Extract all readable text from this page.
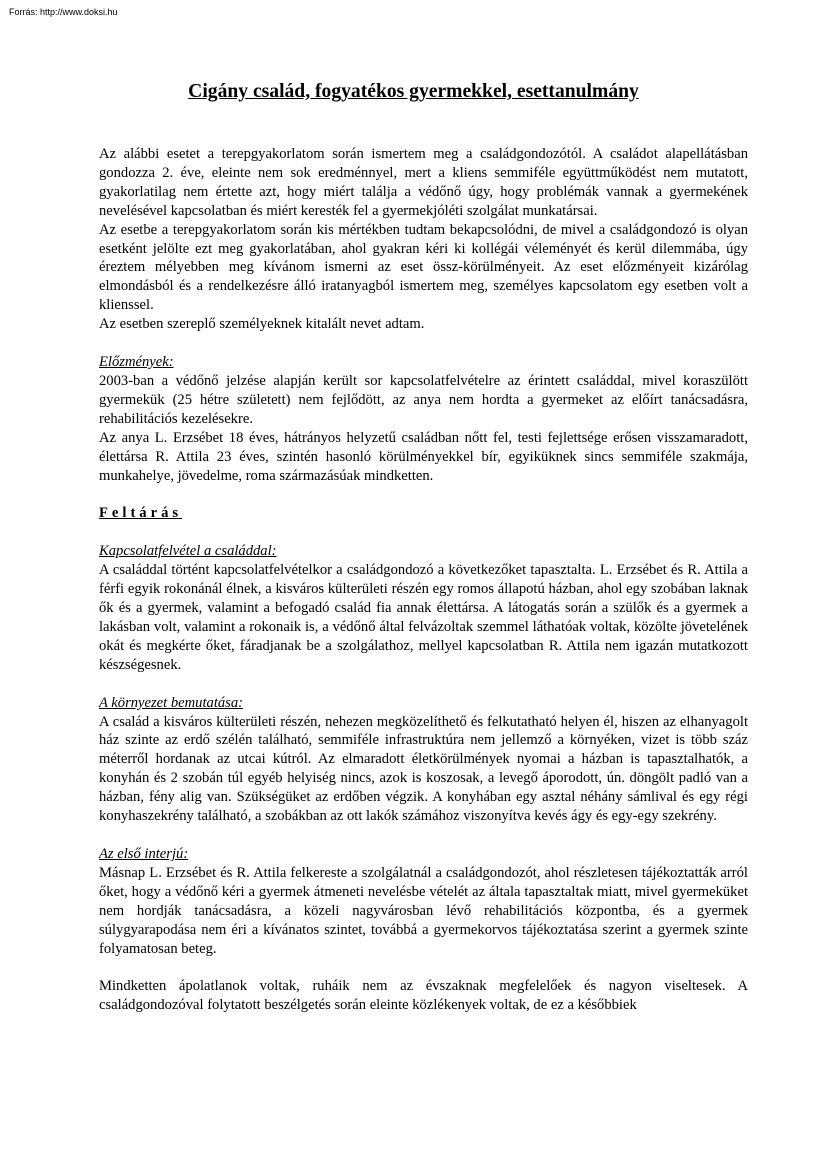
Forrás: http://www.doksi.hu
Cigány család, fogyatékos gyermekkel, esettanulmány

Az alábbi esetet a terepgyakorlatom során ismertem meg a családgondozótól. A családot alapellátásban gondozza 2. éve, eleinte nem sok eredménnyel, mert a kliens semmiféle együttműködést nem mutatott, gyakorlatilag nem értette azt, hogy miért találja a védőnő úgy, hogy problémák vannak a gyermekének nevelésével kapcsolatban és miért keresték fel a gyermekjóléti szolgálat munkatársai.

Az esetbe a terepgyakorlatom során kis mértékben tudtam bekapcsolódni, de mivel a családgondozó is olyan esetként jelölte ezt meg gyakorlatában, ahol gyakran kéri ki kollégái véleményét és kerül dilemmába, úgy éreztem mélyebben meg kívánom ismerni az eset össz-körülményeit. Az eset előzményeit kizárólag elmondásból és a rendelkezésre álló iratanyagból ismertem meg, személyes kapcsolatom egy esetben volt a klienssel.

Az esetben szereplő személyeknek kitalált nevet adtam.

Előzmények:

2003-ban a védőnő jelzése alapján került sor kapcsolatfelvételre az érintett családdal, mivel koraszülött gyermekük (25 hétre született) nem fejlődött, az anya nem hordta a gyermeket az előírt tanácsadásra, rehabilitációs kezelésekre.

Az anya L. Erzsébet 18 éves, hátrányos helyzetű családban nőtt fel, testi fejlettsége erősen visszamaradott, élettársa R. Attila 23 éves, szintén hasonló körülményekkel bír, egyiküknek sincs semmiféle szakmája, munkahelye, jövedelme, roma származásúak mindketten.

Feltárás

Kapcsolatfelvétel a családdal:

A családdal történt kapcsolatfelvételkor a családgondozó a következőket tapasztalta. L. Erzsébet és R. Attila a férfi egyik rokonánál élnek, a kisváros külterületi részén egy romos állapotú házban, ahol egy szobában laknak ők és a gyermek, valamint a befogadó család fia annak élettársa. A látogatás során a szülők és a gyermek a lakásban volt, valamint a rokonaik is, a védőnő által felvázoltak szemmel láthatóak voltak, közölte jövetelének okát és megkérte őket, fáradjanak be a szolgálathoz, mellyel kapcsolatban R. Attila nem igazán mutatkozott készségesnek.

A környezet bemutatása:

A család a kisváros külterületi részén, nehezen megközelíthető és felkutatható helyen él, hiszen az elhanyagolt ház szinte az erdő szélén található, semmiféle infrastruktúra nem jellemző a környéken, vizet is több száz méterről hordanak az utcai kútról. Az elmaradott életkörülmények nyomai a házban is tapasztalhatók, a konyhán és 2 szobán túl egyéb helyiség nincs, azok is koszosak, a levegő áporodott, ún. döngölt padló van a házban, fény alig van. Szükségüket az erdőben végzik. A konyhában egy asztal néhány sámlival és egy régi konyhaszekrény található, a szobákban az ott lakók számához viszonyítva kevés ágy és egy-egy szekrény.

Az első interjú:

Másnap L. Erzsébet és R. Attila felkereste a szolgálatnál a családgondozót, ahol részletesen tájékoztatták arról őket, hogy a védőnő kéri a gyermek átmeneti nevelésbe vételét az általa tapasztaltak miatt, mivel gyermeküket nem hordják tanácsadásra, a közeli nagyvárosban lévő rehabilitációs központba, és a gyermek súlygyarapodása nem éri a kívánatos szintet, továbbá a gyermekorvos tájékoztatása szerint a gyermek szinte folyamatosan beteg.

Mindketten ápolatlanok voltak, ruháik nem az évszaknak megfelelőek és nagyon viseltesek. A családgondozóval folytatott beszélgetés során eleinte közlékenyek voltak, de ez a későbbiek
